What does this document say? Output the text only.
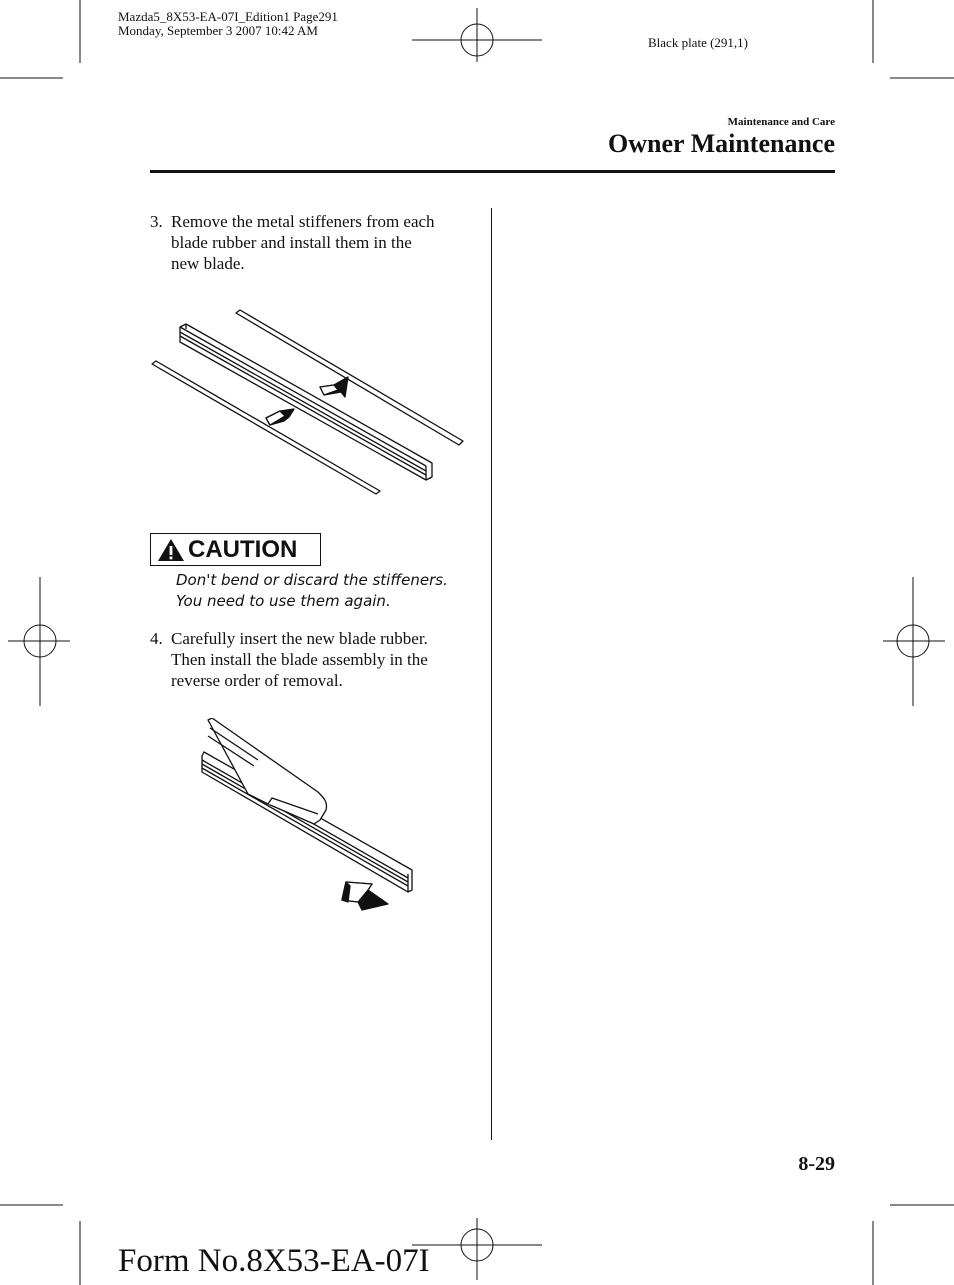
Mazda5_8X53-EA-07I_Edition1 Page291
Monday, September 3 2007 10:42 AM
Black plate (291,1)
Maintenance and Care
Owner Maintenance
3. Remove the metal stiffeners from each
blade rubber and install them in the
new blade.
CAUTION
Don't bend or discard the stiffeners.
You need to use them again.
4. Carefully insert the new blade rubber.
Then install the blade assembly in the
reverse order of removal.
8-29
Form No.8X53-EA-07I
